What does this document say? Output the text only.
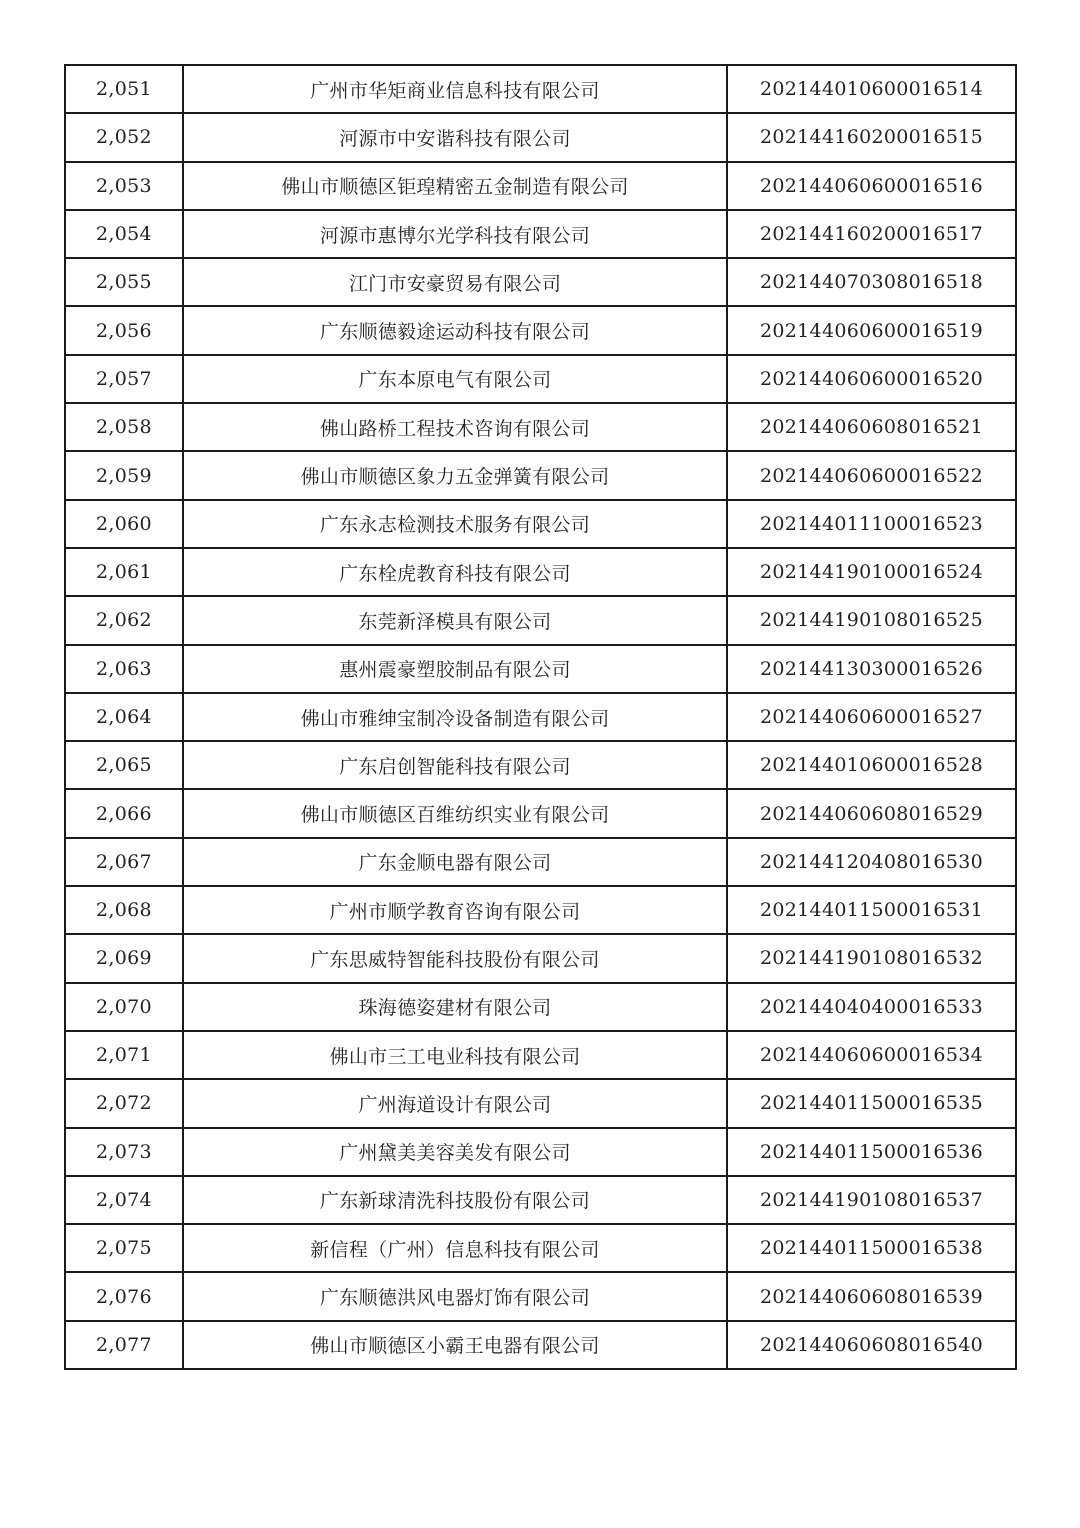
2,051	广州市华矩商业信息科技有限公司	202144010600016514
2,052	河源市中安谐科技有限公司	202144160200016515
2,053	佛山市顺德区钜瑝精密五金制造有限公司	202144060600016516
2,054	河源市惠博尔光学科技有限公司	202144160200016517
2,055	江门市安豪贸易有限公司	202144070308016518
2,056	广东顺德毅途运动科技有限公司	202144060600016519
2,057	广东本原电气有限公司	202144060600016520
2,058	佛山路桥工程技术咨询有限公司	202144060608016521
2,059	佛山市顺德区象力五金弹簧有限公司	202144060600016522
2,060	广东永志检测技术服务有限公司	202144011100016523
2,061	广东栓虎教育科技有限公司	202144190100016524
2,062	东莞新泽模具有限公司	202144190108016525
2,063	惠州震豪塑胶制品有限公司	202144130300016526
2,064	佛山市雅绅宝制冷设备制造有限公司	202144060600016527
2,065	广东启创智能科技有限公司	202144010600016528
2,066	佛山市顺德区百维纺织实业有限公司	202144060608016529
2,067	广东金顺电器有限公司	202144120408016530
2,068	广州市顺学教育咨询有限公司	202144011500016531
2,069	广东思威特智能科技股份有限公司	202144190108016532
2,070	珠海德姿建材有限公司	202144040400016533
2,071	佛山市三工电业科技有限公司	202144060600016534
2,072	广州海道设计有限公司	202144011500016535
2,073	广州黛美美容美发有限公司	202144011500016536
2,074	广东新球清洗科技股份有限公司	202144190108016537
2,075	新信程（广州）信息科技有限公司	202144011500016538
2,076	广东顺德洪风电器灯饰有限公司	202144060608016539
2,077	佛山市顺德区小霸王电器有限公司	202144060608016540
